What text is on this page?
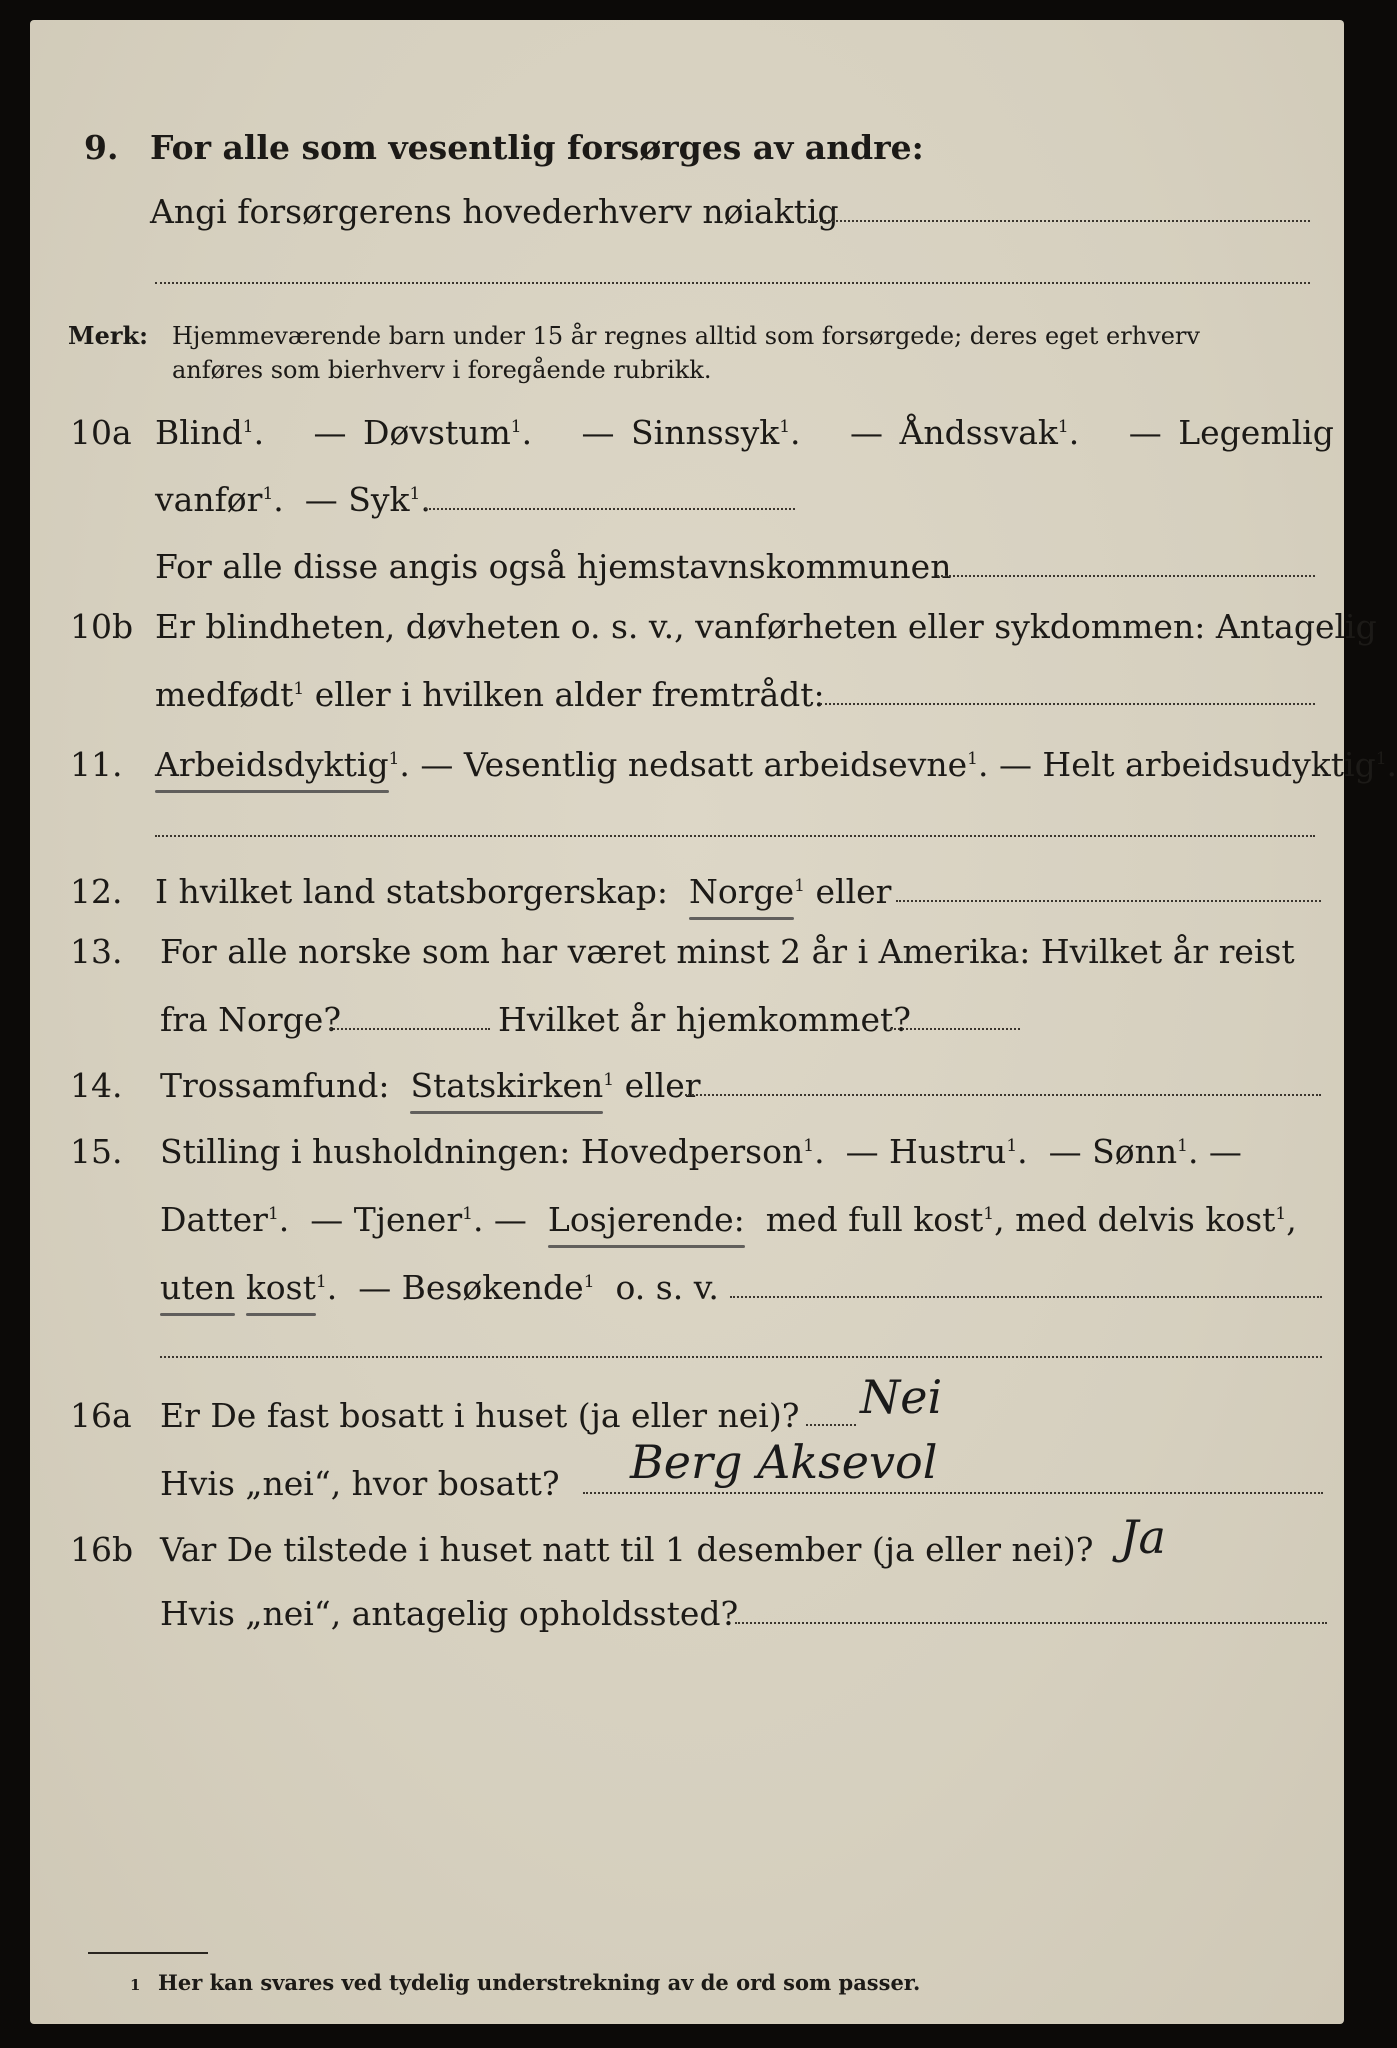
9. For alle som vesentlig forsørges av andre:
Angi forsørgerens hovederhverv nøiaktig
Merk: Hjemmeværende barn under 15 år regnes alltid som forsørgede; deres eget erhverv
anføres som bierhverv i foregående rubrikk.
10a Blind$^1$.   — Døvstum$^1$.   — Sinnssyk$^1$.   — Åndssvak$^1$.   — Legemlig
vanfør$^1$.  — Syk$^1$.
For alle disse angis også hjemstavnskommunen
10b Er blindheten, døvheten o. s. v., vanførheten eller sykdommen: Antagelig
medfødt$^1$ eller i hvilken alder fremtrådt:
11. Arbeidsdyktig$^1$. — Vesentlig nedsatt arbeidsevne$^1$. — Helt arbeidsudyktig$^1$.
12. I hvilket land statsborgerskap: Norge$^1$ eller
13. For alle norske som har været minst 2 år i Amerika: Hvilket år reist
fra Norge?	Hvilket år hjemkommet?
14. Trossamfund: Statskirken$^1$ eller
15. Stilling i husholdningen: Hovedperson$^1$.  — Hustru$^1$.  — Sønn$^1$. —
Datter$^1$.  — Tjener$^1$. — Losjerende: med full kost$^1$, med delvis kost$^1$,
uten kost$^1$.  — Besøkende$^1$ o. s. v.
16a Er De fast bosatt i huset (ja eller nei)? Nei
Hvis „nei“, hvor bosatt? Berg Aksevol
16b Var De tilstede i huset natt til 1 desember (ja eller nei)? Ja
Hvis „nei“, antagelig opholdssted?
1 Her kan svares ved tydelig understrekning av de ord som passer.
